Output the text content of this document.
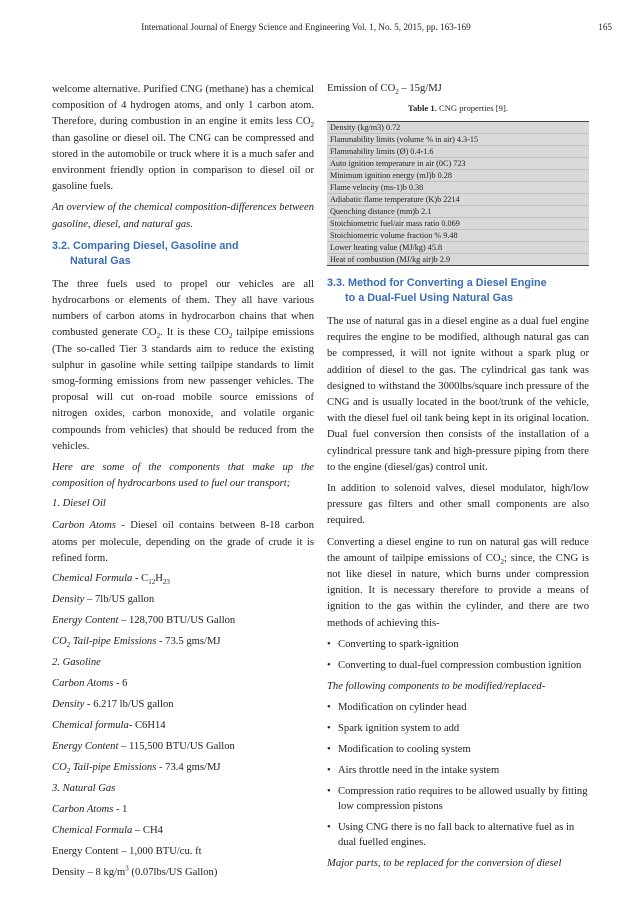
International Journal of Energy Science and Engineering Vol. 1, No. 5, 2015, pp. 163-169	165

welcome alternative. Purified CNG (methane) has a chemical composition of 4 hydrogen atoms, and only 1 carbon atom. Therefore, during combustion in an engine it emits less $CO_2$ than gasoline or diesel oil. The CNG can be compressed and stored in the automobile or truck where it is a much safer and environment friendly option in comparison to diesel oil or gasoline fuels.

An overview of the chemical composition-differences between gasoline, diesel, and natural gas.

3.2. Comparing Diesel, Gasoline and
Natural Gas

The three fuels used to propel our vehicles are all hydrocarbons or elements of them. They all have various numbers of carbon atoms in hydrocarbon chains that when combusted generate $CO_2$. It is these $CO_2$ tailpipe emissions (The so-called Tier 3 standards aim to reduce the existing sulphur in gasoline while setting tailpipe standards to limit smog-forming emissions from new passenger vehicles. The proposal will cut on-road mobile source emissions of nitrogen oxides, carbon monoxide, and volatile organic compounds from vehicles) that should be reduced from the vehicles.

Here are some of the components that make up the composition of hydrocarbons used to fuel our transport;

1. Diesel Oil

Carbon Atoms - Diesel oil contains between 8-18 carbon atoms per molecule, depending on the grade of crude it is refined form.

Chemical Formula - $C_{12}H_{23}$
Density – 7lb/US gallon
Energy Content – 128,700 BTU/US Gallon
$CO_2$ Tail-pipe Emissions - 73.5 gms/MJ
2. Gasoline
Carbon Atoms - 6
Density - 6.217 lb/US gallon
Chemical formula- C6H14
Energy Content – 115,500 BTU/US Gallon
$CO_2$ Tail-pipe Emissions - 73.4 gms/MJ
3. Natural Gas
Carbon Atoms - 1
Chemical Formula – CH4
Energy Content – 1,000 BTU/cu. ft
Density – 8 $kg/m^3$ (0.07lbs/US Gallon)
Emission of $CO_2 - 15g/MJ$
Table 1. CNG properties [9].
Density (kg/m3) 0.72
Flammability limits (volume % in air) 4.3-15
Flammability limits (Ø) 0.4-1.6
Auto ignition temperature in air (0C) 723
Minimum ignition energy (mJ)b 0.28
Flame velocity (ms-1)b 0.38
Adiabatic flame temperature (K)b 2214
Quenching distance (mm)b 2.1
Stoichiometric fuel/air mass ratio 0.069
Stoichiometric volume fraction % 9.48
Lower heating value (MJ/kg) 45.8
Heat of combustion (MJ/kg air)b 2.9
3.3. Method for Converting a Diesel Engine
to a Dual-Fuel Using Natural Gas

The use of natural gas in a diesel engine as a dual fuel engine requires the engine to be modified, although natural gas can be compressed, it will not ignite without a spark plug or addition of diesel to the gas. The cylindrical gas tank was designed to withstand the 3000lbs/square inch pressure of the CNG and is usually located in the boot/trunk of the vehicle, with the diesel fuel oil tank being kept in its original location. Dual fuel conversion then consists of the installation of a cylindrical pressure tank and high-pressure piping from there to the engine (diesel/gas) control unit.

In addition to solenoid valves, diesel modulator, high/low pressure gas filters and other small components are also required.

Converting a diesel engine to run on natural gas will reduce the amount of tailpipe emissions of $CO_2$; since, the CNG is not like diesel in nature, which burns under compression ignition. It is necessary therefore to provide a means of ignition to the gas within the cylinder, and there are two methods of achieving this-

• Converting to spark-ignition
• Converting to dual-fuel compression combustion ignition

The following components to be modified/replaced-

• Modification on cylinder head
• Spark ignition system to add
• Modification to cooling system
• Airs throttle need in the intake system
• Compression ratio requires to be allowed usually by fitting low compression pistons
• Using CNG there is no fall back to alternative fuel as in dual fuelled engines.

Major parts, to be replaced for the conversion of diesel
